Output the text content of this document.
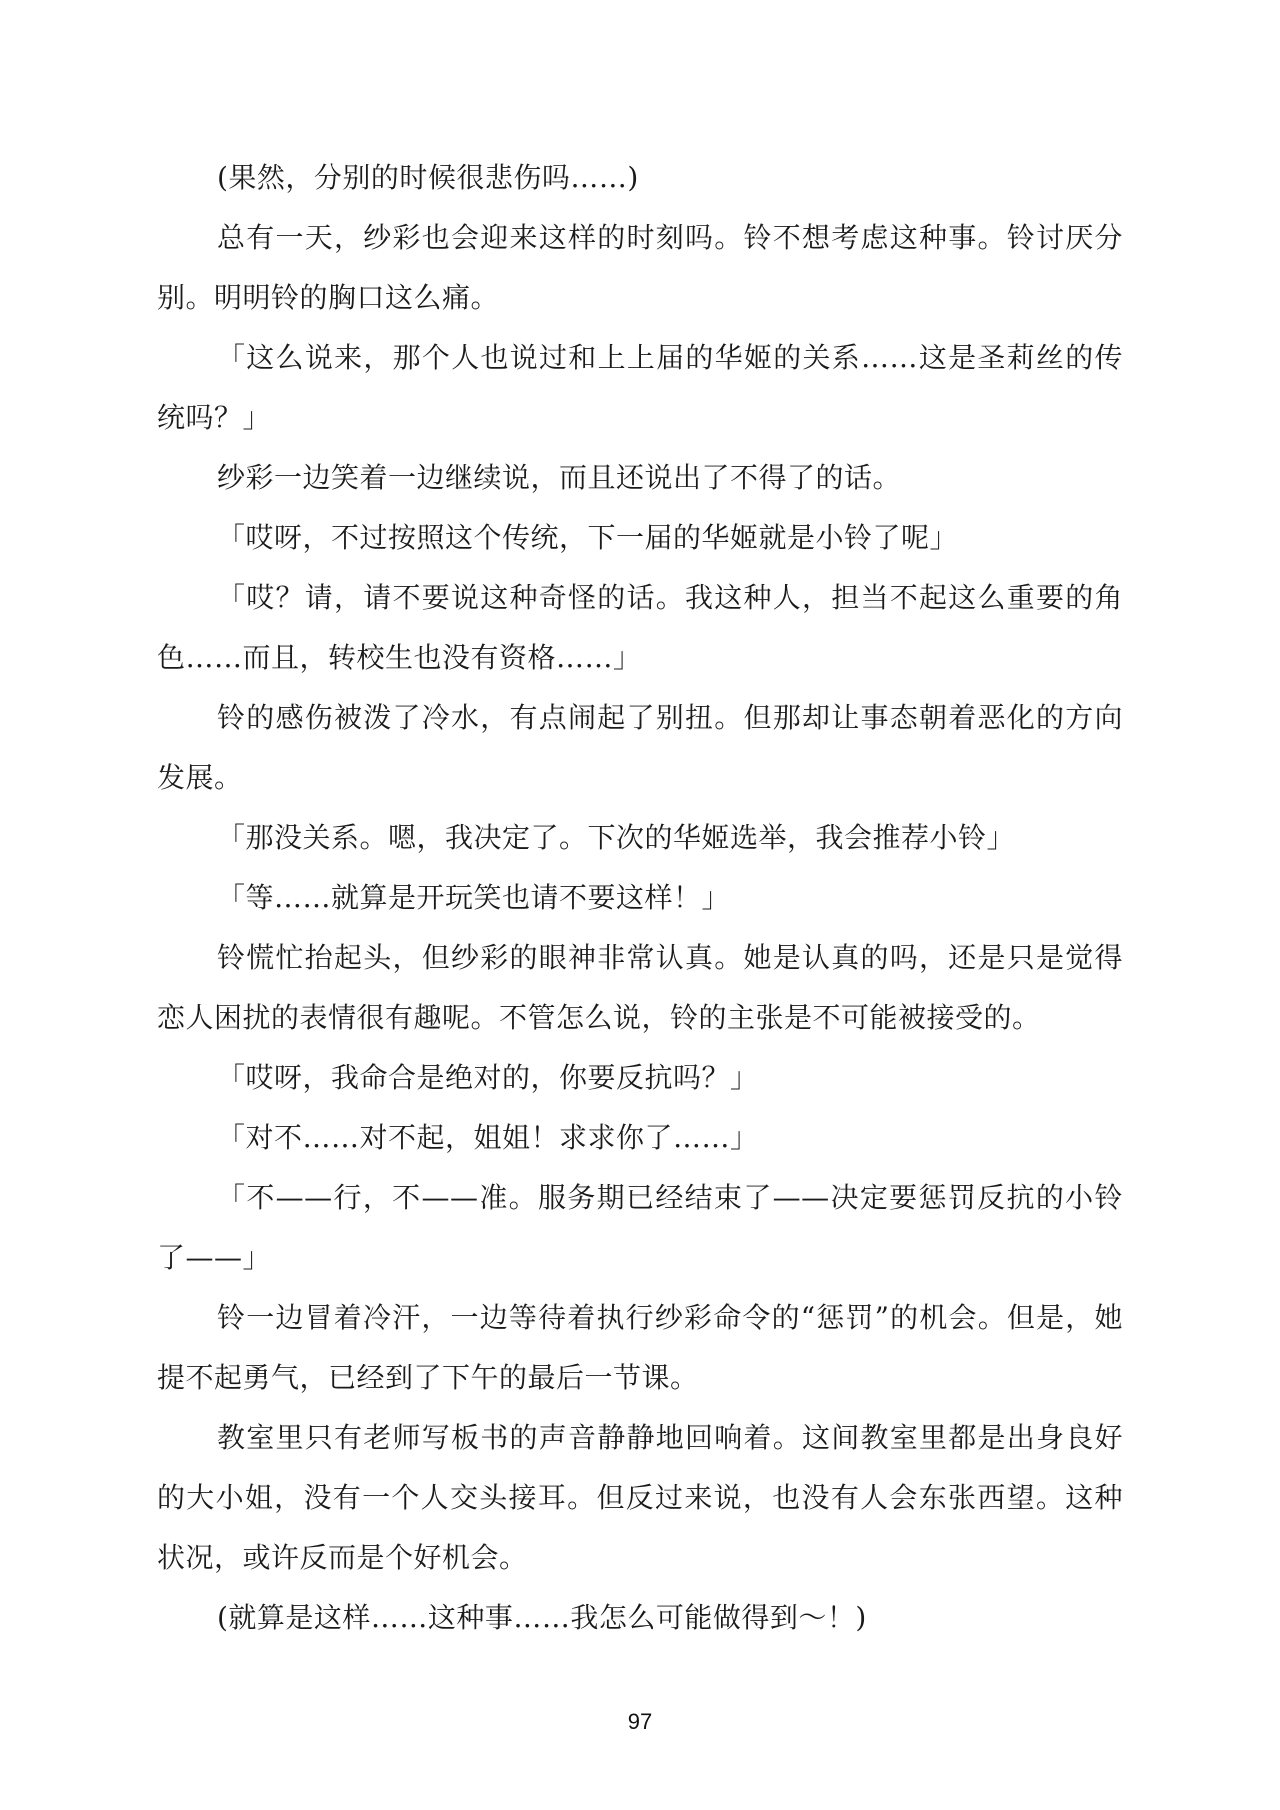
(果然，分别的时候很悲伤吗……)

总有一天，纱彩也会迎来这样的时刻吗。铃不想考虑这种事。铃讨厌分别。明明铃的胸口这么痛。

「这么说来，那个人也说过和上上届的华姬的关系……这是圣莉丝的传统吗？」

纱彩一边笑着一边继续说，而且还说出了不得了的话。

「哎呀，不过按照这个传统，下一届的华姬就是小铃了呢」

「哎？请，请不要说这种奇怪的话。我这种人，担当不起这么重要的角色……而且，转校生也没有资格……」

铃的感伤被泼了冷水，有点闹起了别扭。但那却让事态朝着恶化的方向发展。

「那没关系。嗯，我决定了。下次的华姬选举，我会推荐小铃」

「等……就算是开玩笑也请不要这样！」

铃慌忙抬起头，但纱彩的眼神非常认真。她是认真的吗，还是只是觉得恋人困扰的表情很有趣呢。不管怎么说，铃的主张是不可能被接受的。

「哎呀，我命合是绝对的，你要反抗吗？」

「对不……对不起，姐姐！求求你了……」

「不——行，不——准。服务期已经结束了——决定要惩罚反抗的小铃了——」

铃一边冒着冷汗，一边等待着执行纱彩命令的“惩罚”的机会。但是，她提不起勇气，已经到了下午的最后一节课。

教室里只有老师写板书的声音静静地回响着。这间教室里都是出身良好的大小姐，没有一个人交头接耳。但反过来说，也没有人会东张西望。这种状况，或许反而是个好机会。

(就算是这样……这种事……我怎么可能做得到～！)

97
